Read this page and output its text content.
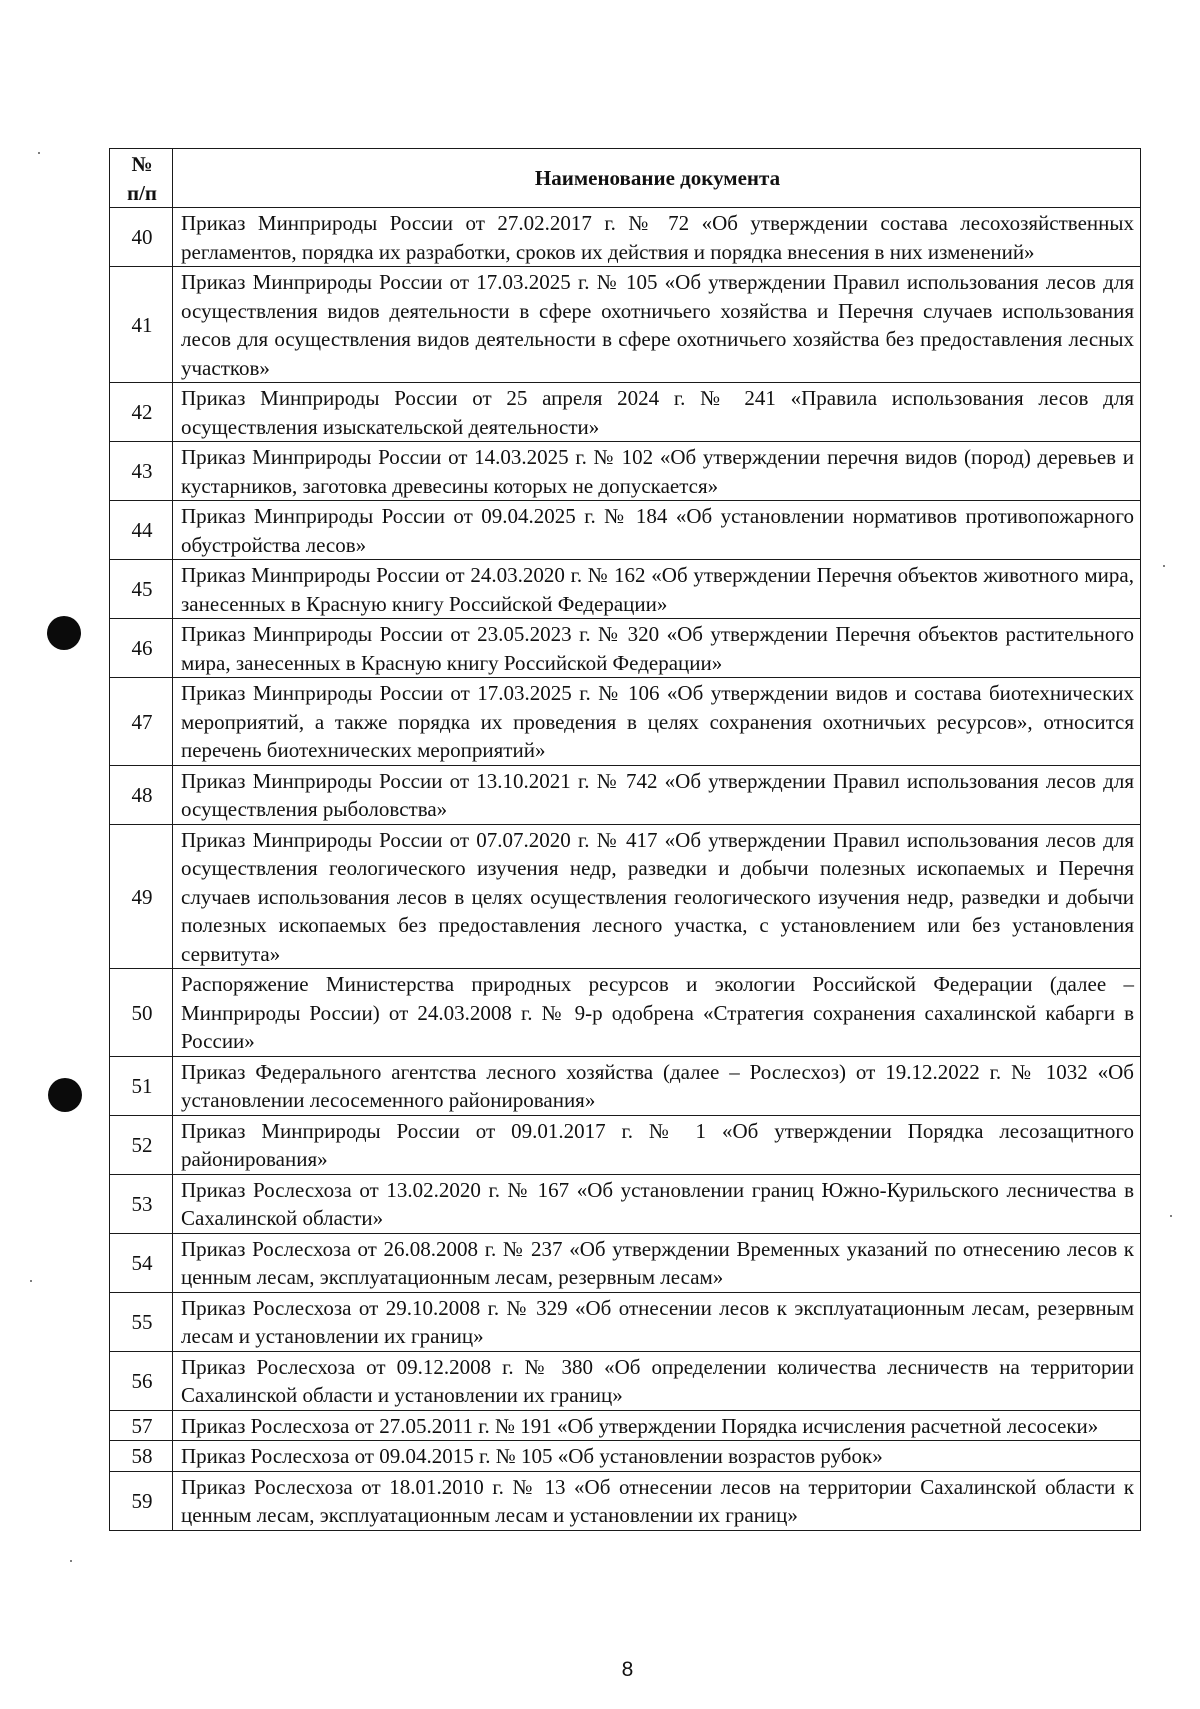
№
п/п	Наименование документа
40	Приказ Минприроды России от 27.02.2017 г. № 72 «Об утверждении состава лесохозяйственных регламентов, порядка их разработки, сроков их действия и порядка внесения в них изменений»
41	Приказ Минприроды России от 17.03.2025 г. № 105 «Об утверждении Правил использования лесов для осуществления видов деятельности в сфере охотничьего хозяйства и Перечня случаев использования лесов для осуществления видов деятельности в сфере охотничьего хозяйства без предоставления лесных участков»
42	Приказ Минприроды России от 25 апреля 2024 г. № 241 «Правила использования лесов для осуществления изыскательской деятельности»
43	Приказ Минприроды России от 14.03.2025 г. № 102 «Об утверждении перечня видов (пород) деревьев и кустарников, заготовка древесины которых не допускается»
44	Приказ Минприроды России от 09.04.2025 г. № 184 «Об установлении нормативов противопожарного обустройства лесов»
45	Приказ Минприроды России от 24.03.2020 г. № 162 «Об утверждении Перечня объектов животного мира, занесенных в Красную книгу Российской Федерации»
46	Приказ Минприроды России от 23.05.2023 г. № 320 «Об утверждении Перечня объектов растительного мира, занесенных в Красную книгу Российской Федерации»
47	Приказ Минприроды России от 17.03.2025 г. № 106 «Об утверждении видов и состава биотехнических мероприятий, а также порядка их проведения в целях сохранения охотничьих ресурсов», относится перечень биотехнических мероприятий»
48	Приказ Минприроды России от 13.10.2021 г. № 742 «Об утверждении Правил использования лесов для осуществления рыболовства»
49	Приказ Минприроды России от 07.07.2020 г. № 417 «Об утверждении Правил использования лесов для осуществления геологического изучения недр, разведки и добычи полезных ископаемых и Перечня случаев использования лесов в целях осуществления геологического изучения недр, разведки и добычи полезных ископаемых без предоставления лесного участка, с установлением или без установления сервитута»
50	Распоряжение Министерства природных ресурсов и экологии Российской Федерации (далее – Минприроды России) от 24.03.2008 г. № 9-р одобрена «Стратегия сохранения сахалинской кабарги в России»
51	Приказ Федерального агентства лесного хозяйства (далее – Рослесхоз) от 19.12.2022 г. № 1032 «Об установлении лесосеменного районирования»
52	Приказ Минприроды России от 09.01.2017 г. № 1 «Об утверждении Порядка лесозащитного районирования»
53	Приказ Рослесхоза от 13.02.2020 г. № 167 «Об установлении границ Южно-Курильского лесничества в Сахалинской области»
54	Приказ Рослесхоза от 26.08.2008 г. № 237 «Об утверждении Временных указаний по отнесению лесов к ценным лесам, эксплуатационным лесам, резервным лесам»
55	Приказ Рослесхоза от 29.10.2008 г. № 329 «Об отнесении лесов к эксплуатационным лесам, резервным лесам и установлении их границ»
56	Приказ Рослесхоза от 09.12.2008 г. № 380 «Об определении количества лесничеств на территории Сахалинской области и установлении их границ»
57	Приказ Рослесхоза от 27.05.2011 г. № 191 «Об утверждении Порядка исчисления расчетной лесосеки»
58	Приказ Рослесхоза от 09.04.2015 г. № 105 «Об установлении возрастов рубок»
59	Приказ Рослесхоза от 18.01.2010 г. № 13 «Об отнесении лесов на территории Сахалинской области к ценным лесам, эксплуатационным лесам и установлении их границ»
8
